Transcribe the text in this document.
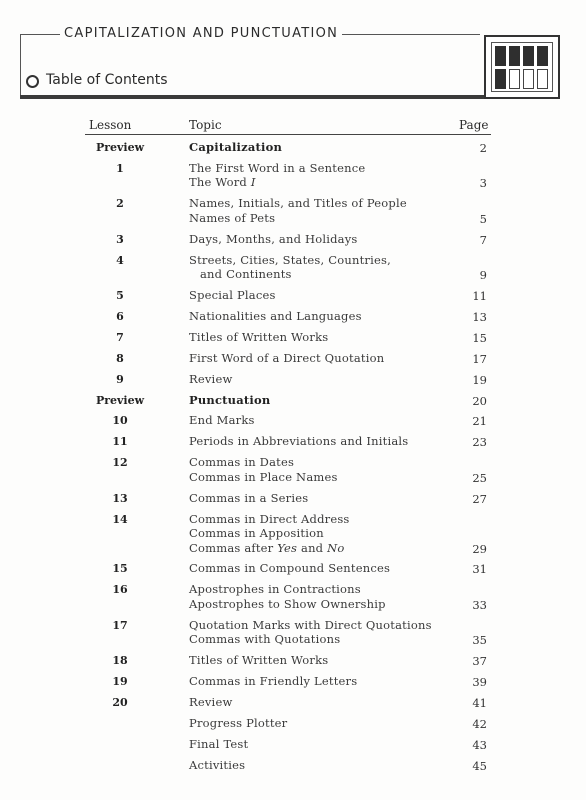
CAPITALIZATION AND PUNCTUATION
Table of Contents
Lesson	Topic	Page
Preview	Capitalization	2
1	The First Word in a Sentence
The Word I	3
2	Names, Initials, and Titles of People
Names of Pets	5
3	Days, Months, and Holidays	7
4	Streets, Cities, States, Countries,
and Continents	9
5	Special Places	11
6	Nationalities and Languages	13
7	Titles of Written Works	15
8	First Word of a Direct Quotation	17
9	Review	19
Preview	Punctuation	20
10	End Marks	21
11	Periods in Abbreviations and Initials	23
12	Commas in Dates
Commas in Place Names	25
13	Commas in a Series	27
14	Commas in Direct Address
Commas in Apposition
Commas after Yes and No	29
15	Commas in Compound Sentences	31
16	Apostrophes in Contractions
Apostrophes to Show Ownership	33
17	Quotation Marks with Direct Quotations
Commas with Quotations	35
18	Titles of Written Works	37
19	Commas in Friendly Letters	39
20	Review	41
Progress Plotter	42
Final Test	43
Activities	45
